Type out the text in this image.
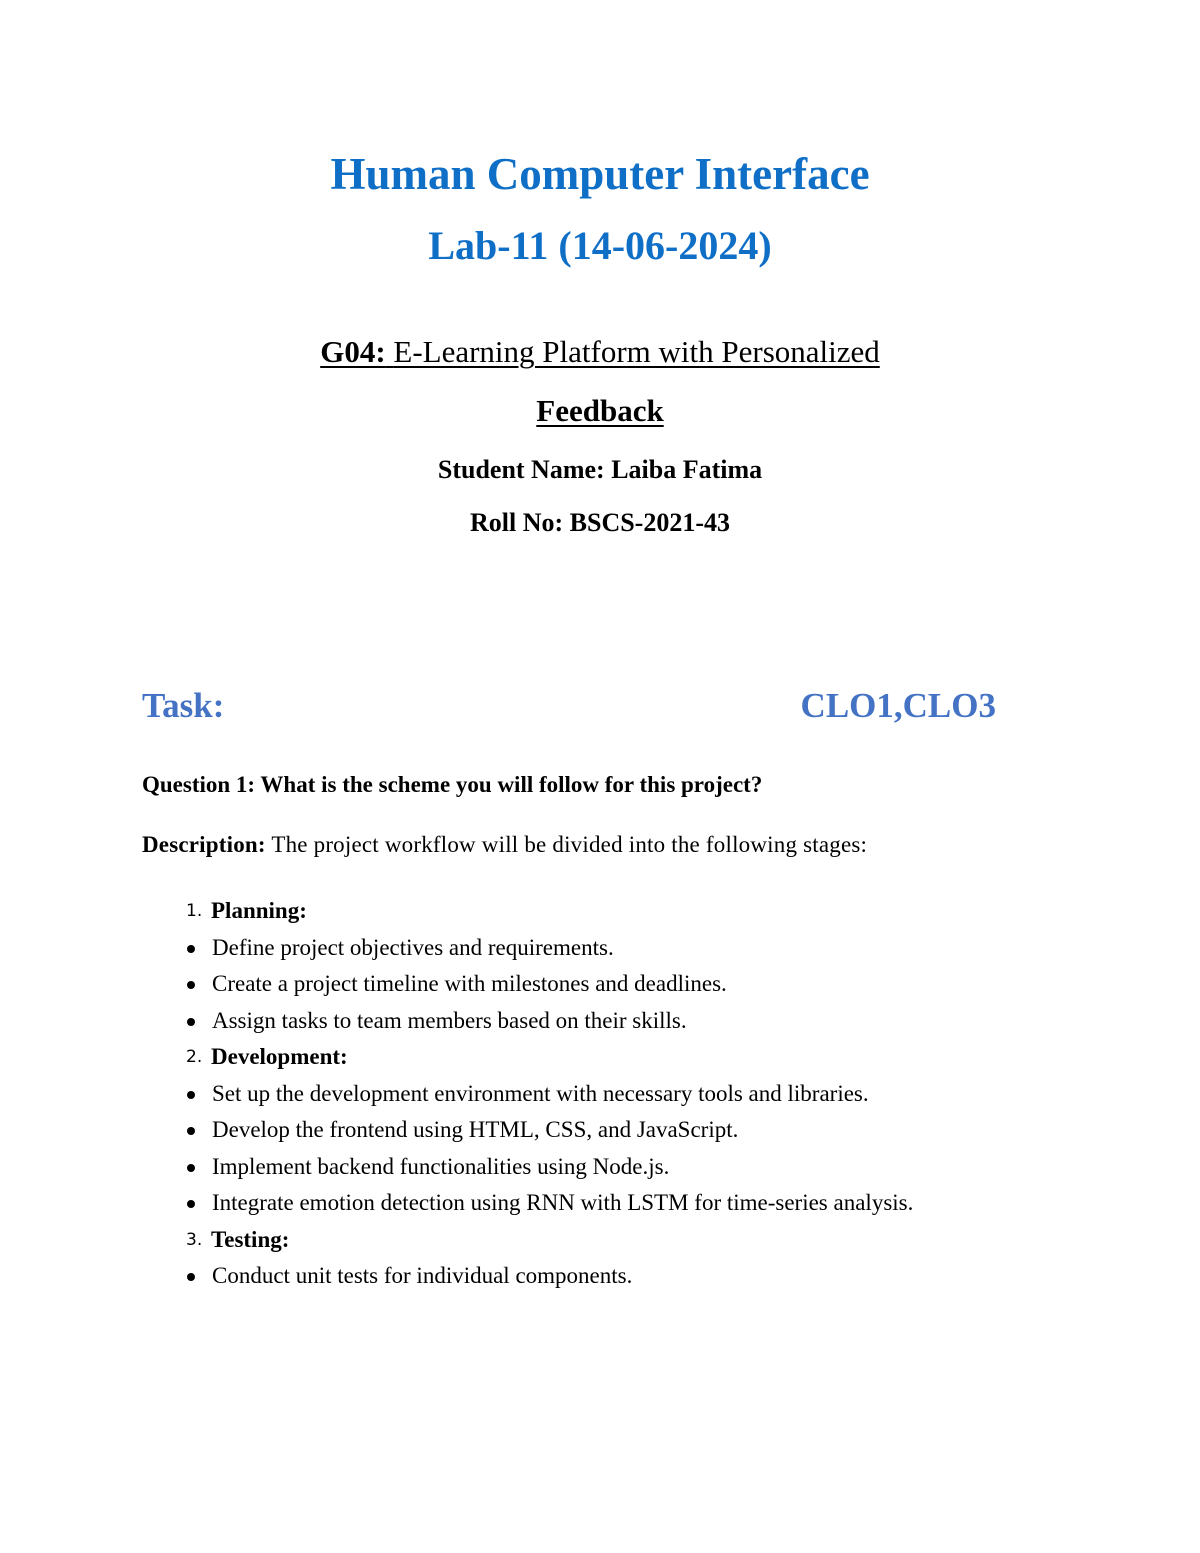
Human Computer Interface
Lab-11 (14-06-2024)
G04: E-Learning Platform with Personalized
Feedback
Student Name: Laiba Fatima
Roll No: BSCS-2021-43
Task:	CLO1,CLO3
Question 1: What is the scheme you will follow for this project?
Description: The project workflow will be divided into the following stages:
1. Planning:
Define project objectives and requirements.
Create a project timeline with milestones and deadlines.
Assign tasks to team members based on their skills.
2. Development:
Set up the development environment with necessary tools and libraries.
Develop the frontend using HTML, CSS, and JavaScript.
Implement backend functionalities using Node.js.
Integrate emotion detection using RNN with LSTM for time-series analysis.
3. Testing:
Conduct unit tests for individual components.
